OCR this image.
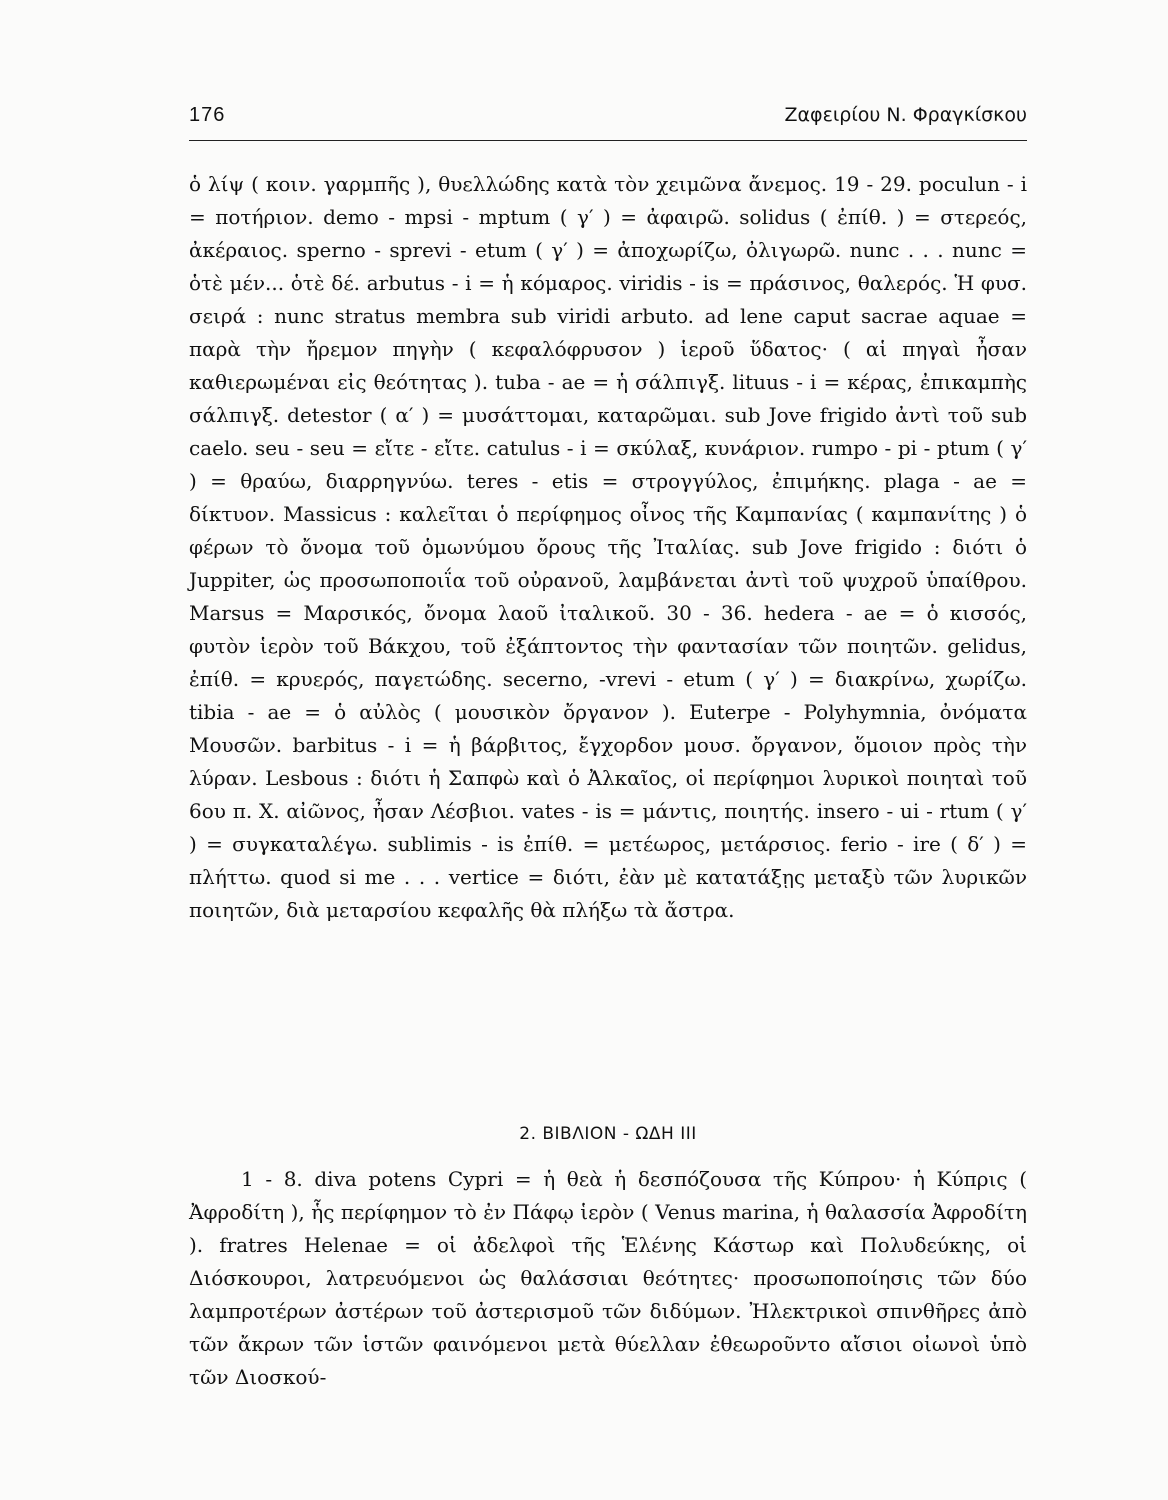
176	Ζαφειρίου Ν. Φραγκίσκου

ὁ λίψ ( κοιν. γαρμπῆς ), θυελλώδης κατὰ τὸν χειμῶνα ἄνεμος. 19 - 29. poculun - i = ποτήριον. demo - mpsi - mptum ( γ′ ) = ἀφαιρῶ. solidus ( ἐπίθ. ) = στερεός, ἀκέραιος. sperno - sprevi - etum ( γ′ ) = ἀποχωρίζω, ὀλιγωρῶ. nunc . . . nunc = ὁτὲ μέν... ὁτὲ δέ. arbutus - i = ἡ κόμαρος. viridis - is = πράσινος, θαλερός. Ἡ φυσ. σειρά : nunc stratus membra sub viridi arbuto. ad lene caput sacrae aquae = παρὰ τὴν ἤρεμον πηγὴν ( κεφαλόφρυσον ) ἱεροῦ ὕδατος· ( αἱ πηγαὶ ἦσαν καθιερωμέναι εἰς θεότητας ). tuba - ae = ἡ σάλπιγξ. lituus - i = κέρας, ἐπικαμπὴς σάλπιγξ. detestor ( α′ ) = μυσάττομαι, καταρῶμαι. sub Jove frigido ἀντὶ τοῦ sub caelo. seu - seu = εἴτε - εἴτε. catulus - i = σκύλαξ, κυνάριον. rumpo - pi - ptum ( γ′ ) = θραύω, διαρρηγνύω. teres - etis = στρογγύλος, ἐπιμήκης. plaga - ae = δίκτυον. Massicus : καλεῖται ὁ περίφημος οἶνος τῆς Καμπανίας ( καμπανίτης ) ὁ φέρων τὸ ὄνομα τοῦ ὁμωνύμου ὄρους τῆς Ἰταλίας. sub Jove frigido : διότι ὁ Juppiter, ὡς προσωποποιΐα τοῦ οὐρανοῦ, λαμβάνεται ἀντὶ τοῦ ψυχροῦ ὑπαίθρου. Marsus = Μαρσικός, ὄνομα λαοῦ ἰταλικοῦ. 30 - 36. hedera - ae = ὁ κισσός, φυτὸν ἱερὸν τοῦ Βάκχου, τοῦ ἐξάπτοντος τὴν φαντασίαν τῶν ποιητῶν. gelidus, ἐπίθ. = κρυερός, παγετώδης. secerno, -vrevi - etum ( γ′ ) = διακρίνω, χωρίζω. tibia - ae = ὁ αὐλὸς ( μουσικὸν ὄργανον ). Euterpe - Polyhymnia, ὀνόματα Μουσῶν. barbitus - i = ἡ βάρβιτος, ἔγχορδον μουσ. ὄργανον, ὅμοιον πρὸς τὴν λύραν. Lesbous : διότι ἡ Σαπφὼ καὶ ὁ Ἀλκαῖος, οἱ περίφημοι λυρικοὶ ποιηταὶ τοῦ 6ου π. Χ. αἰῶνος, ἦσαν Λέσβιοι. vates - is = μάντις, ποιητής. insero - ui - rtum ( γ′ ) = συγκαταλέγω. sublimis - is ἐπίθ. = μετέωρος, μετάρσιος. ferio - ire ( δ′ ) = πλήττω. quod si me . . . vertice = διότι, ἐὰν μὲ κατατάξῃς μεταξὺ τῶν λυρικῶν ποιητῶν, διὰ μεταρσίου κεφαλῆς θὰ πλήξω τὰ ἄστρα.

2. ΒΙΒΛΙΟΝ - ΩΔΗ III

1 - 8. diva potens Cypri = ἡ θεὰ ἡ δεσπόζουσα τῆς Κύπρου· ἡ Κύπρις ( Ἀφροδίτη ), ἧς περίφημον τὸ ἐν Πάφῳ ἱερὸν ( Venus marina, ἡ θαλασσία Ἀφροδίτη ). fratres Helenae = οἱ ἀδελφοὶ τῆς Ἑλένης Κάστωρ καὶ Πολυδεύκης, οἱ Διόσκουροι, λατρευόμενοι ὡς θαλάσσιαι θεότητες· προσωποποίησις τῶν δύο λαμπροτέρων ἀστέρων τοῦ ἀστερισμοῦ τῶν διδύμων. Ἠλεκτρικοὶ σπινθῆρες ἀπὸ τῶν ἄκρων τῶν ἱστῶν φαινόμενοι μετὰ θύελλαν ἐθεωροῦντο αἴσιοι οἰωνοὶ ὑπὸ τῶν Διοσκού-
